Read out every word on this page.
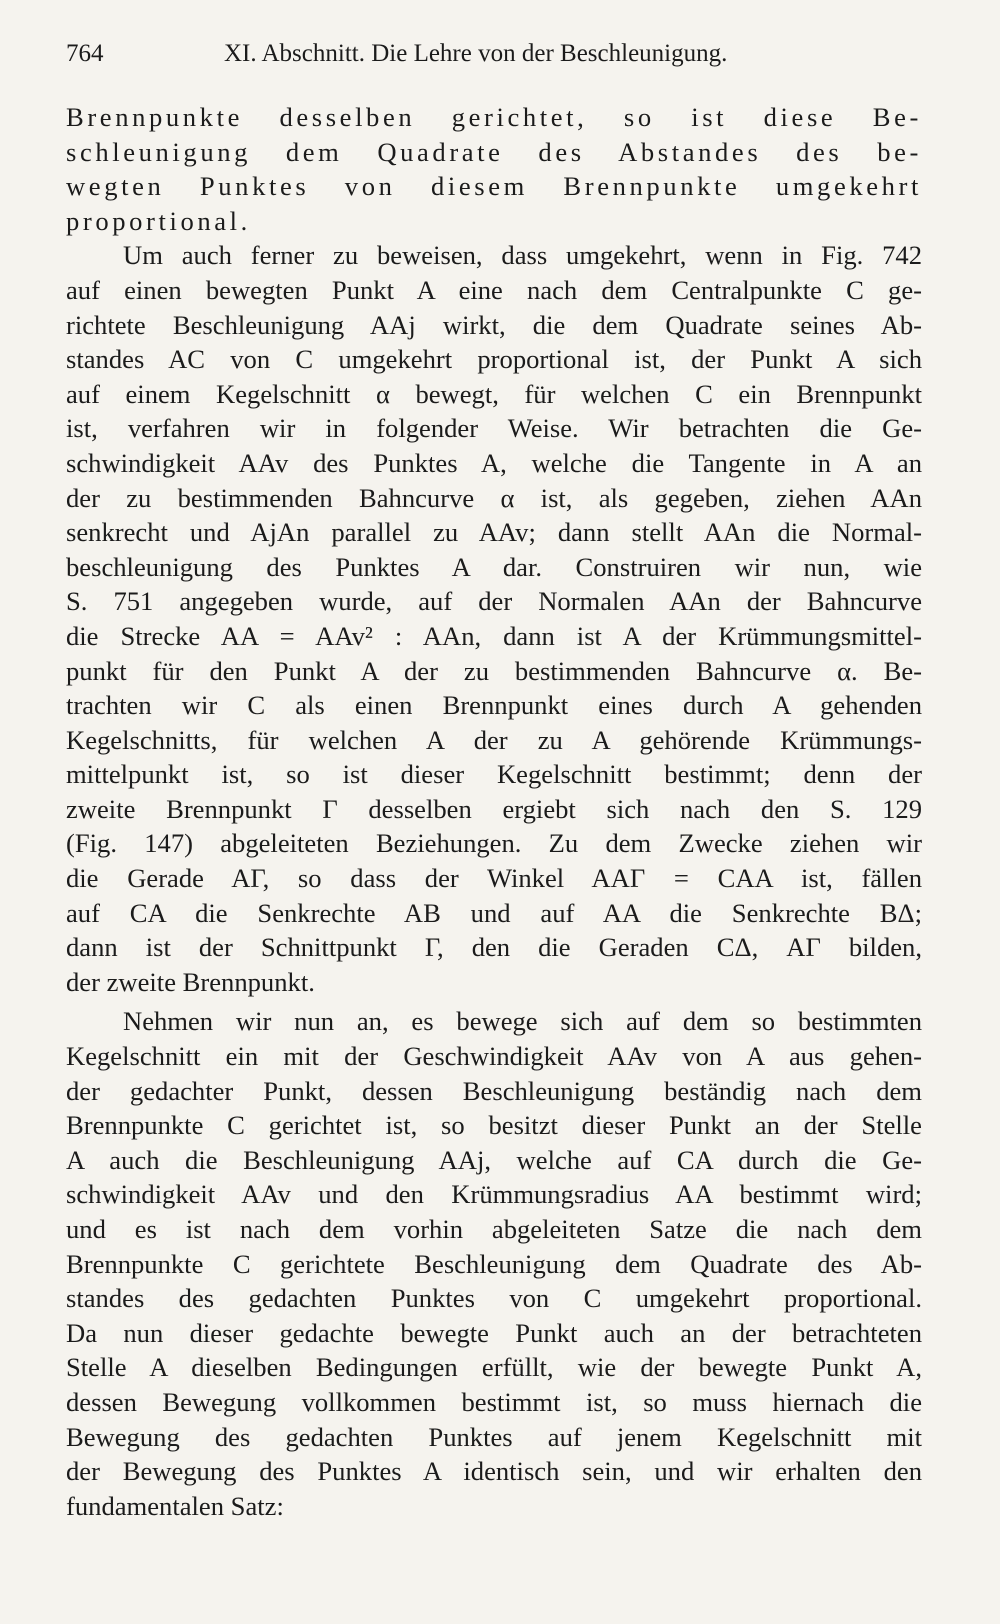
764	XI. Abschnitt. Die Lehre von der Beschleunigung.
Brennpunkte desselben gerichtet, so ist diese Be-
schleunigung dem Quadrate des Abstandes des be-
wegten Punktes von diesem Brennpunkte umgekehrt
proportional.
Um auch ferner zu beweisen, dass umgekehrt, wenn in Fig. 742
auf einen bewegten Punkt A eine nach dem Centralpunkte C ge-
richtete Beschleunigung AAj wirkt, die dem Quadrate seines Ab-
standes AC von C umgekehrt proportional ist, der Punkt A sich
auf einem Kegelschnitt α bewegt, für welchen C ein Brennpunkt
ist, verfahren wir in folgender Weise. Wir betrachten die Ge-
schwindigkeit AAv des Punktes A, welche die Tangente in A an
der zu bestimmenden Bahncurve α ist, als gegeben, ziehen AAn
senkrecht und AjAn parallel zu AAv; dann stellt AAn die Normal-
beschleunigung des Punktes A dar. Construiren wir nun, wie
S. 751 angegeben wurde, auf der Normalen AAn der Bahncurve
die Strecke AA = AAv² : AAn, dann ist A der Krümmungsmittel-
punkt für den Punkt A der zu bestimmenden Bahncurve α. Be-
trachten wir C als einen Brennpunkt eines durch A gehenden
Kegelschnitts, für welchen A der zu A gehörende Krümmungs-
mittelpunkt ist, so ist dieser Kegelschnitt bestimmt; denn der
zweite Brennpunkt Γ desselben ergiebt sich nach den S. 129
(Fig. 147) abgeleiteten Beziehungen. Zu dem Zwecke ziehen wir
die Gerade AΓ, so dass der Winkel AAΓ = CAA ist, fällen
auf CA die Senkrechte AB und auf AA die Senkrechte BΔ;
dann ist der Schnittpunkt Γ, den die Geraden CΔ, AΓ bilden,
der zweite Brennpunkt.
Nehmen wir nun an, es bewege sich auf dem so bestimmten
Kegelschnitt ein mit der Geschwindigkeit AAv von A aus gehen-
der gedachter Punkt, dessen Beschleunigung beständig nach dem
Brennpunkte C gerichtet ist, so besitzt dieser Punkt an der Stelle
A auch die Beschleunigung AAj, welche auf CA durch die Ge-
schwindigkeit AAv und den Krümmungsradius AA bestimmt wird;
und es ist nach dem vorhin abgeleiteten Satze die nach dem
Brennpunkte C gerichtete Beschleunigung dem Quadrate des Ab-
standes des gedachten Punktes von C umgekehrt proportional.
Da nun dieser gedachte bewegte Punkt auch an der betrachteten
Stelle A dieselben Bedingungen erfüllt, wie der bewegte Punkt A,
dessen Bewegung vollkommen bestimmt ist, so muss hiernach die
Bewegung des gedachten Punktes auf jenem Kegelschnitt mit
der Bewegung des Punktes A identisch sein, und wir erhalten den
fundamentalen Satz:
